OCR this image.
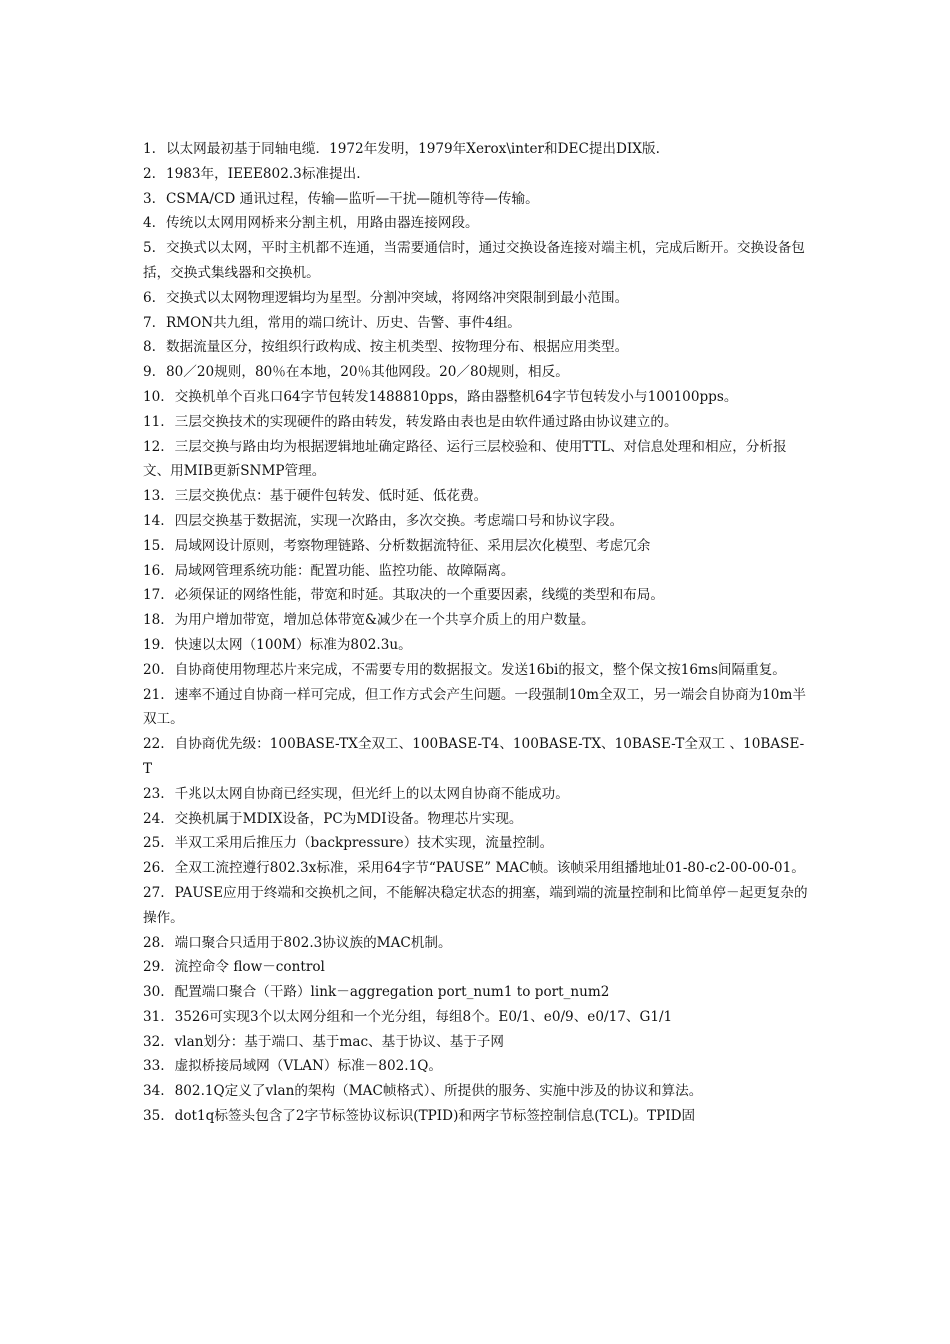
1. 以太网最初基于同轴电缆．1972年发明，1979年Xerox\inter和DEC提出DIX版.

2. 1983年，IEEE802.3标准提出.

3. CSMA/CD 通讯过程，传输—监听—干扰—随机等待—传输。

4. 传统以太网用网桥来分割主机，用路由器连接网段。

5. 交换式以太网，平时主机都不连通，当需要通信时，通过交换设备连接对端主机，完成后断开。交换设备包括，交换式集线器和交换机。

6. 交换式以太网物理逻辑均为星型。分割冲突域，将网络冲突限制到最小范围。

7. RMON共九组，常用的端口统计、历史、告警、事件4组。

8. 数据流量区分，按组织行政构成、按主机类型、按物理分布、根据应用类型。

9. 80／20规则，80％在本地，20％其他网段。20／80规则，相反。

10. 交换机单个百兆口64字节包转发1488810pps，路由器整机64字节包转发小与100100pps。

11. 三层交换技术的实现硬件的路由转发，转发路由表也是由软件通过路由协议建立的。

12. 三层交换与路由均为根据逻辑地址确定路径、运行三层校验和、使用TTL、对信息处理和相应，分析报文、用MIB更新SNMP管理。

13. 三层交换优点：基于硬件包转发、低时延、低花费。

14. 四层交换基于数据流，实现一次路由，多次交换。考虑端口号和协议字段。

15. 局域网设计原则，考察物理链路、分析数据流特征、采用层次化模型、考虑冗余

16. 局域网管理系统功能：配置功能、监控功能、故障隔离。

17. 必须保证的网络性能，带宽和时延。其取决的一个重要因素，线缆的类型和布局。

18. 为用户增加带宽，增加总体带宽&减少在一个共享介质上的用户数量。

19. 快速以太网（100M）标准为802.3u。

20. 自协商使用物理芯片来完成，不需要专用的数据报文。发送16bi的报文，整个保文按16ms间隔重复。

21. 速率不通过自协商一样可完成，但工作方式会产生问题。一段强制10m全双工，另一端会自协商为10m半双工。

22. 自协商优先级：100BASE-TX全双工、100BASE-T4、100BASE-TX、10BASE-T全双工 、10BASE-T

23. 千兆以太网自协商已经实现，但光纤上的以太网自协商不能成功。

24. 交换机属于MDIX设备，PC为MDI设备。物理芯片实现。

25. 半双工采用后推压力（backpressure）技术实现，流量控制。

26. 全双工流控遵行802.3x标准，采用64字节“PAUSE” MAC帧。该帧采用组播地址01-80-c2-00-00-01。

27. PAUSE应用于终端和交换机之间，不能解决稳定状态的拥塞，端到端的流量控制和比简单停－起更复杂的操作。

28. 端口聚合只适用于802.3协议族的MAC机制。

29. 流控命令 flow－control

30. 配置端口聚合（干路）link－aggregation port_num1 to port_num2

31. 3526可实现3个以太网分组和一个光分组，每组8个。E0/1、e0/9、e0/17、G1/1

32. vlan划分：基于端口、基于mac、基于协议、基于子网

33. 虚拟桥接局域网（VLAN）标准－802.1Q。

34. 802.1Q定义了vlan的架构（MAC帧格式）、所提供的服务、实施中涉及的协议和算法。

35. dot1q标签头包含了2字节标签协议标识(TPID)和两字节标签控制信息(TCL)。TPID固
